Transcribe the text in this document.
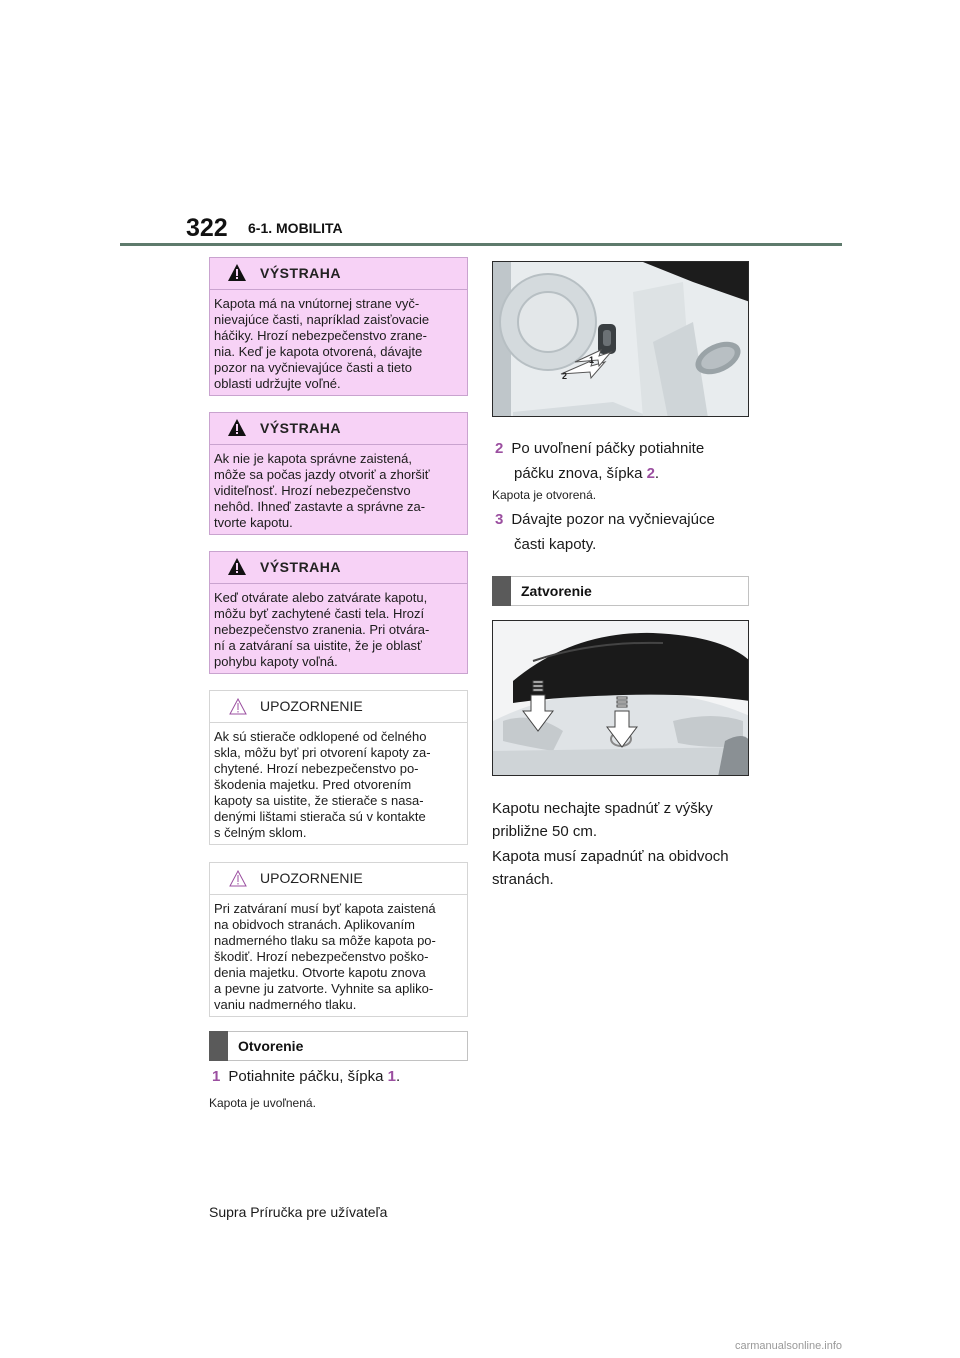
322 6-1. MOBILITA
VÝSTRAHA
Kapota má na vnútornej strane vyč-
nievajúce časti, napríklad zaisťovacie
háčiky. Hrozí nebezpečenstvo zrane-
nia. Keď je kapota otvorená, dávajte
pozor na vyčnievajúce časti a tieto
oblasti udržujte voľné.
VÝSTRAHA
Ak nie je kapota správne zaistená,
môže sa počas jazdy otvoriť a zhoršiť
viditeľnosť. Hrozí nebezpečenstvo
nehôd. Ihneď zastavte a správne za-
tvorte kapotu.
VÝSTRAHA
Keď otvárate alebo zatvárate kapotu,
môžu byť zachytené časti tela. Hrozí
nebezpečenstvo zranenia. Pri otvára-
ní a zatváraní sa uistite, že je oblasť
pohybu kapoty voľná.
UPOZORNENIE
Ak sú stierače odklopené od čelného
skla, môžu byť pri otvorení kapoty za-
chytené. Hrozí nebezpečenstvo po-
škodenia majetku. Pred otvorením
kapoty sa uistite, že stierače s nasa-
denými lištami stierača sú v kontakte
s čelným sklom.
UPOZORNENIE
Pri zatváraní musí byť kapota zaistená
na obidvoch stranách. Aplikovaním
nadmerného tlaku sa môže kapota po-
škodiť. Hrozí nebezpečenstvo poško-
denia majetku. Otvorte kapotu znova
a pevne ju zatvorte. Vyhnite sa apliko-
vaniu nadmerného tlaku.
Otvorenie
1 Potiahnite páčku, šípka 1.
Kapota je uvoľnená.
2
1
2 Po uvoľnení páčky potiahnite
páčku znova, šípka 2.
Kapota je otvorená.
3 Dávajte pozor na vyčnievajúce
časti kapoty.
Zatvorenie
Kapotu nechajte spadnúť z výšky
približne 50 cm.
Kapota musí zapadnúť na obidvoch
stranách.
Supra Príručka pre užívateľa
carmanualsonline.info
